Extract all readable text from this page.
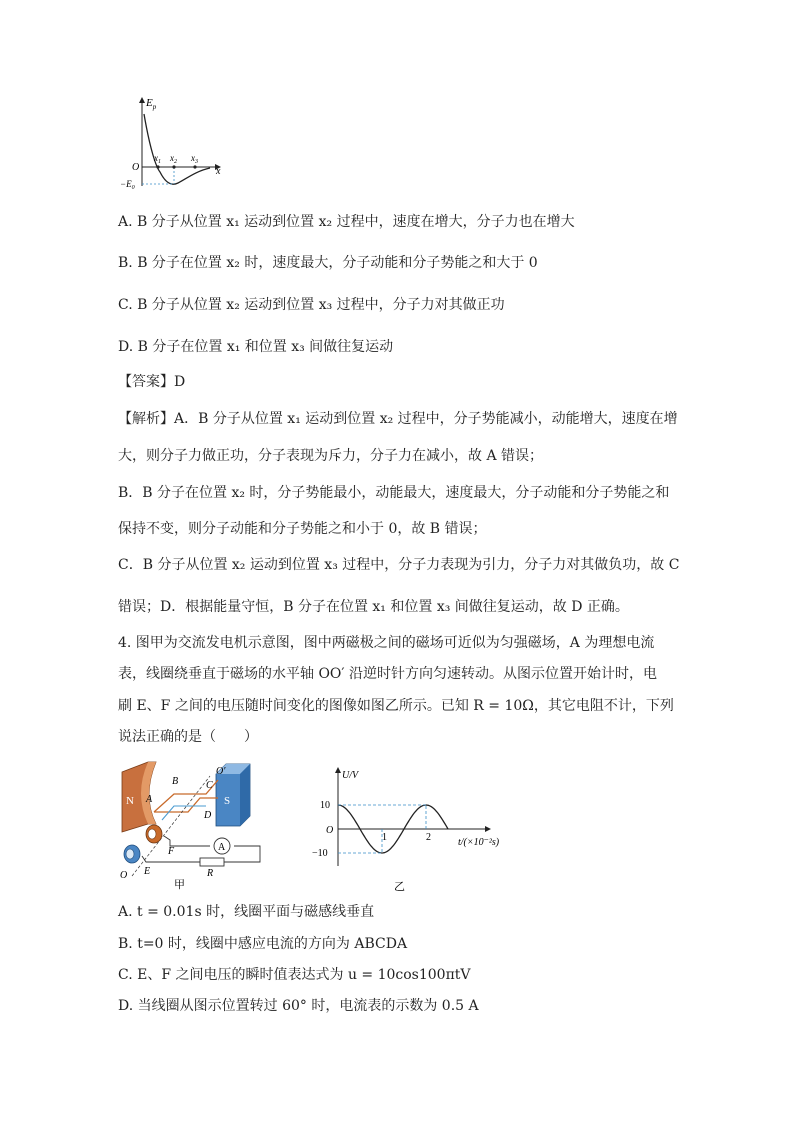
$E_p$
O	x
$x_1$ $x_2$ $x_3$
$-E_0$
A. B 分子从位置 x₁ 运动到位置 x₂ 过程中，速度在增大，分子力也在增大
B. B 分子在位置 x₂ 时，速度最大，分子动能和分子势能之和大于 0
C. B 分子从位置 x₂ 运动到位置 x₃ 过程中，分子力对其做正功
D. B 分子在位置 x₁ 和位置 x₃ 间做往复运动
【答案】D
【解析】A．B 分子从位置 x₁ 运动到位置 x₂ 过程中，分子势能减小，动能增大，速度在增
大，则分子力做正功，分子表现为斥力，分子力在减小，故 A 错误；
B．B 分子在位置 x₂ 时，分子势能最小，动能最大，速度最大，分子动能和分子势能之和
保持不变，则分子动能和分子势能之和小于 0，故 B 错误；
C．B 分子从位置 x₂ 运动到位置 x₃ 过程中，分子力表现为引力，分子力对其做负功，故 C
错误；D．根据能量守恒，B 分子在位置 x₁ 和位置 x₃ 间做往复运动，故 D 正确。
4. 图甲为交流发电机示意图，图中两磁极之间的磁场可近似为匀强磁场，A 为理想电流
表，线圈绕垂直于磁场的水平轴 OO′ 沿逆时针方向匀速转动。从图示位置开始计时，电
刷 E、F 之间的电压随时间变化的图像如图乙所示。已知 R = 10Ω，其它电阻不计，下列
说法正确的是（　　）
N	S
O′
B	C
A
D
A
R
F
E
O
甲
U/V
10
−10
O
1	2	t/(×10⁻²s)
乙
A. t = 0.01s 时，线圈平面与磁感线垂直
B. t=0 时，线圈中感应电流的方向为 ABCDA
C. E、F 之间电压的瞬时值表达式为 u = 10cos100πtV
D. 当线圈从图示位置转过 60° 时，电流表的示数为 0.5 A
